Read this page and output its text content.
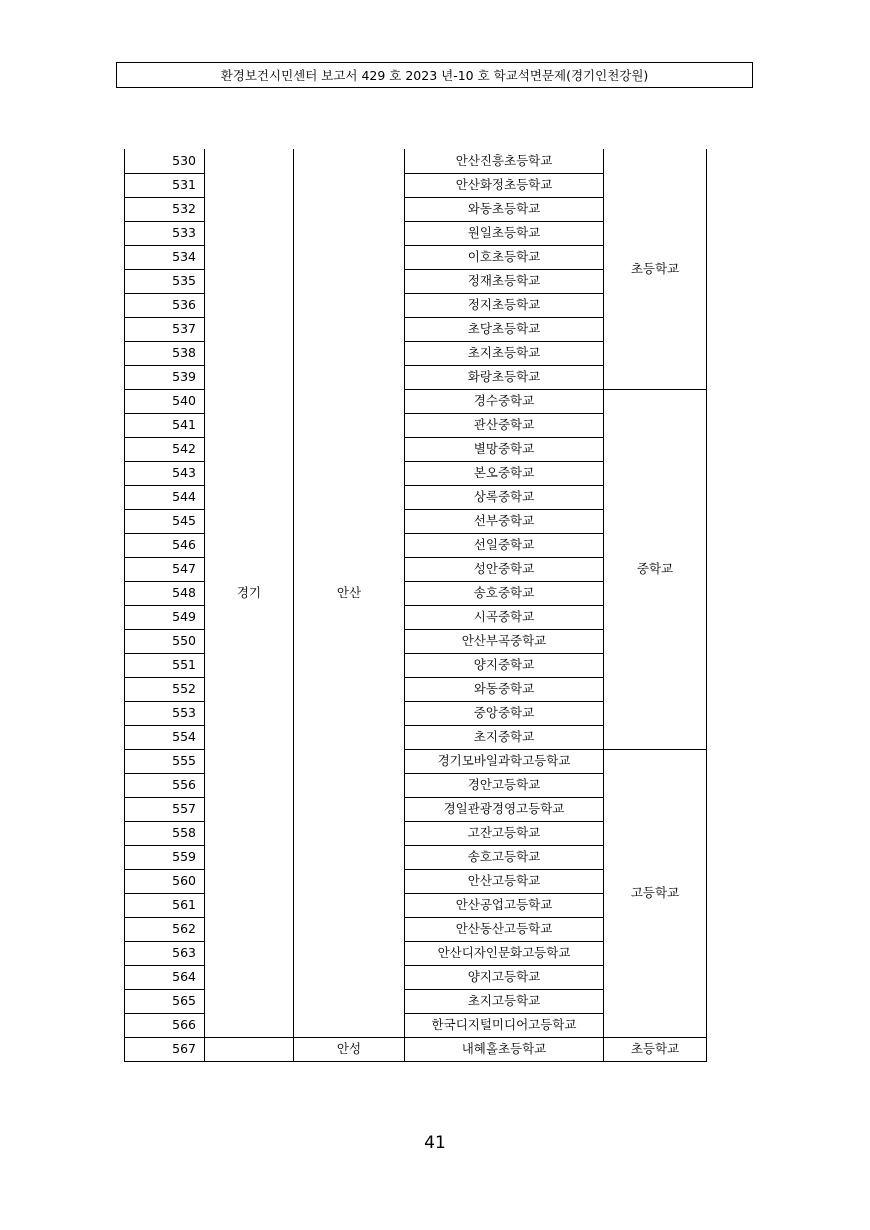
환경보건시민센터 보고서 429 호 2023 년-10 호 학교석면문제(경기인천강원)
530	경기	안산	안산진흥초등학교	초등학교
531			안산화정초등학교	
532			와동초등학교	
533			원일초등학교	
534			이호초등학교	
535			정재초등학교	
536			정지초등학교	
537			초당초등학교	
538			초지초등학교	
539			화랑초등학교	
540			경수중학교	중학교
541			관산중학교	
542			별망중학교	
543			본오중학교	
544			상록중학교	
545			선부중학교	
546			선일중학교	
547			성안중학교	
548			송호중학교	
549			시곡중학교	
550			안산부곡중학교	
551			양지중학교	
552			와동중학교	
553			중앙중학교	
554			초지중학교	
555			경기모바일과학고등학교	고등학교
556			경안고등학교	
557			경일관광경영고등학교	
558			고잔고등학교	
559			송호고등학교	
560			안산고등학교	
561			안산공업고등학교	
562			안산동산고등학교	
563			안산디자인문화고등학교	
564			양지고등학교	
565			초지고등학교	
566			한국디지털미디어고등학교	
567		안성	내혜홀초등학교	초등학교
41
